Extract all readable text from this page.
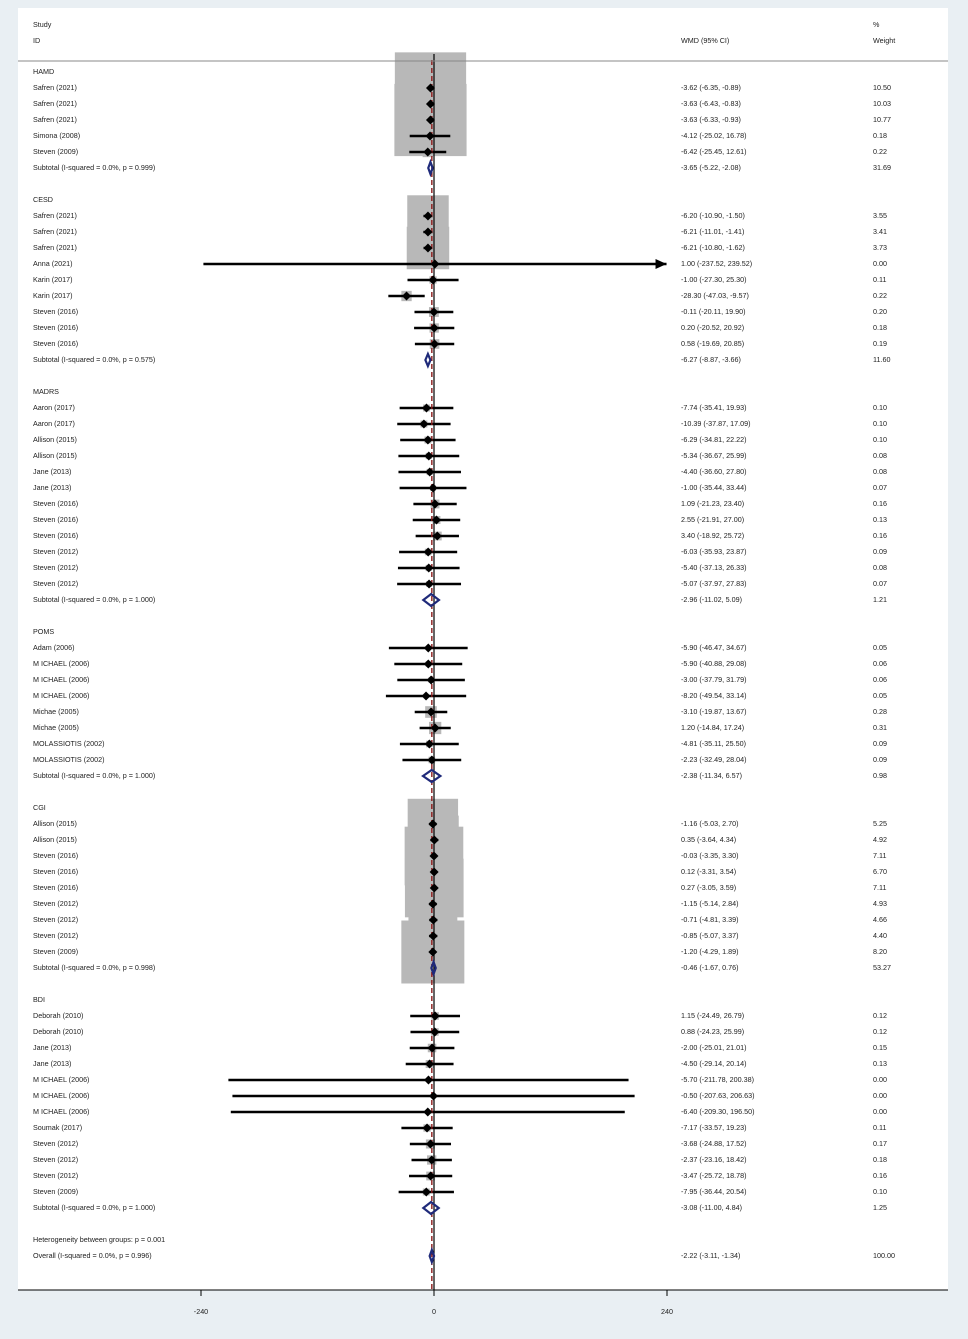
Study
ID	WMD (95% CI)
%
Weight
HAMD
Safren (2021)	-3.62 (-6.35, -0.89)	10.50
Safren (2021)	-3.63 (-6.43, -0.83)	10.03
Safren (2021)	-3.63 (-6.33, -0.93)	10.77
Simona (2008)	-4.12 (-25.02, 16.78)	0.18
Steven (2009)	-6.42 (-25.45, 12.61)	0.22
Subtotal (I-squared = 0.0%, p = 0.999)	-3.65 (-5.22, -2.08)	31.69
CESD
Safren (2021)	-6.20 (-10.90, -1.50)	3.55
Safren (2021)	-6.21 (-11.01, -1.41)	3.41
Safren (2021)	-6.21 (-10.80, -1.62)	3.73
Anna (2021)	1.00 (-237.52, 239.52)	0.00
Karin (2017)	-1.00 (-27.30, 25.30)	0.11
Karin (2017)	-28.30 (-47.03, -9.57)	0.22
Steven (2016)	-0.11 (-20.11, 19.90)	0.20
Steven (2016)	0.20 (-20.52, 20.92)	0.18
Steven (2016)	0.58 (-19.69, 20.85)	0.19
Subtotal (I-squared = 0.0%, p = 0.575)	-6.27 (-8.87, -3.66)	11.60
MADRS
Aaron (2017)	-7.74 (-35.41, 19.93)	0.10
Aaron (2017)	-10.39 (-37.87, 17.09)	0.10
Allison (2015)	-6.29 (-34.81, 22.22)	0.10
Allison (2015)	-5.34 (-36.67, 25.99)	0.08
Jane (2013)	-4.40 (-36.60, 27.80)	0.08
Jane (2013)	-1.00 (-35.44, 33.44)	0.07
Steven (2016)	1.09 (-21.23, 23.40)	0.16
Steven (2016)	2.55 (-21.91, 27.00)	0.13
Steven (2016)	3.40 (-18.92, 25.72)	0.16
Steven (2012)	-6.03 (-35.93, 23.87)	0.09
Steven (2012)	-5.40 (-37.13, 26.33)	0.08
Steven (2012)	-5.07 (-37.97, 27.83)	0.07
Subtotal (I-squared = 0.0%, p = 1.000)	-2.96 (-11.02, 5.09)	1.21
POMS
Adam (2006)	-5.90 (-46.47, 34.67)	0.05
M ICHAEL (2006)	-5.90 (-40.88, 29.08)	0.06
M ICHAEL (2006)	-3.00 (-37.79, 31.79)	0.06
M ICHAEL (2006)	-8.20 (-49.54, 33.14)	0.05
Michae (2005)	-3.10 (-19.87, 13.67)	0.28
Michae (2005)	1.20 (-14.84, 17.24)	0.31
MOLASSIOTIS (2002)	-4.81 (-35.11, 25.50)	0.09
MOLASSIOTIS (2002)	-2.23 (-32.49, 28.04)	0.09
Subtotal (I-squared = 0.0%, p = 1.000)	-2.38 (-11.34, 6.57)	0.98
CGI
Allison (2015)	-1.16 (-5.03, 2.70)	5.25
Allison (2015)	0.35 (-3.64, 4.34)	4.92
Steven (2016)	-0.03 (-3.35, 3.30)	7.11
Steven (2016)	0.12 (-3.31, 3.54)	6.70
Steven (2016)	0.27 (-3.05, 3.59)	7.11
Steven (2012)	-1.15 (-5.14, 2.84)	4.93
Steven (2012)	-0.71 (-4.81, 3.39)	4.66
Steven (2012)	-0.85 (-5.07, 3.37)	4.40
Steven (2009)	-1.20 (-4.29, 1.89)	8.20
Subtotal (I-squared = 0.0%, p = 0.998)	-0.46 (-1.67, 0.76)	53.27
BDI
Deborah (2010)	1.15 (-24.49, 26.79)	0.12
Deborah (2010)	0.88 (-24.23, 25.99)	0.12
Jane (2013)	-2.00 (-25.01, 21.01)	0.15
Jane (2013)	-4.50 (-29.14, 20.14)	0.13
M ICHAEL (2006)	-5.70 (-211.78, 200.38)	0.00
M ICHAEL (2006)	-0.50 (-207.63, 206.63)	0.00
M ICHAEL (2006)	-6.40 (-209.30, 196.50)	0.00
Soumak (2017)	-7.17 (-33.57, 19.23)	0.11
Steven (2012)	-3.68 (-24.88, 17.52)	0.17
Steven (2012)	-2.37 (-23.16, 18.42)	0.18
Steven (2012)	-3.47 (-25.72, 18.78)	0.16
Steven (2009)	-7.95 (-36.44, 20.54)	0.10
Subtotal (I-squared = 0.0%, p = 1.000)	-3.08 (-11.00, 4.84)	1.25
Heterogeneity between groups: p = 0.001
Overall (I-squared = 0.0%, p = 0.996)	-2.22 (-3.11, -1.34)	100.00
-240	0	240
